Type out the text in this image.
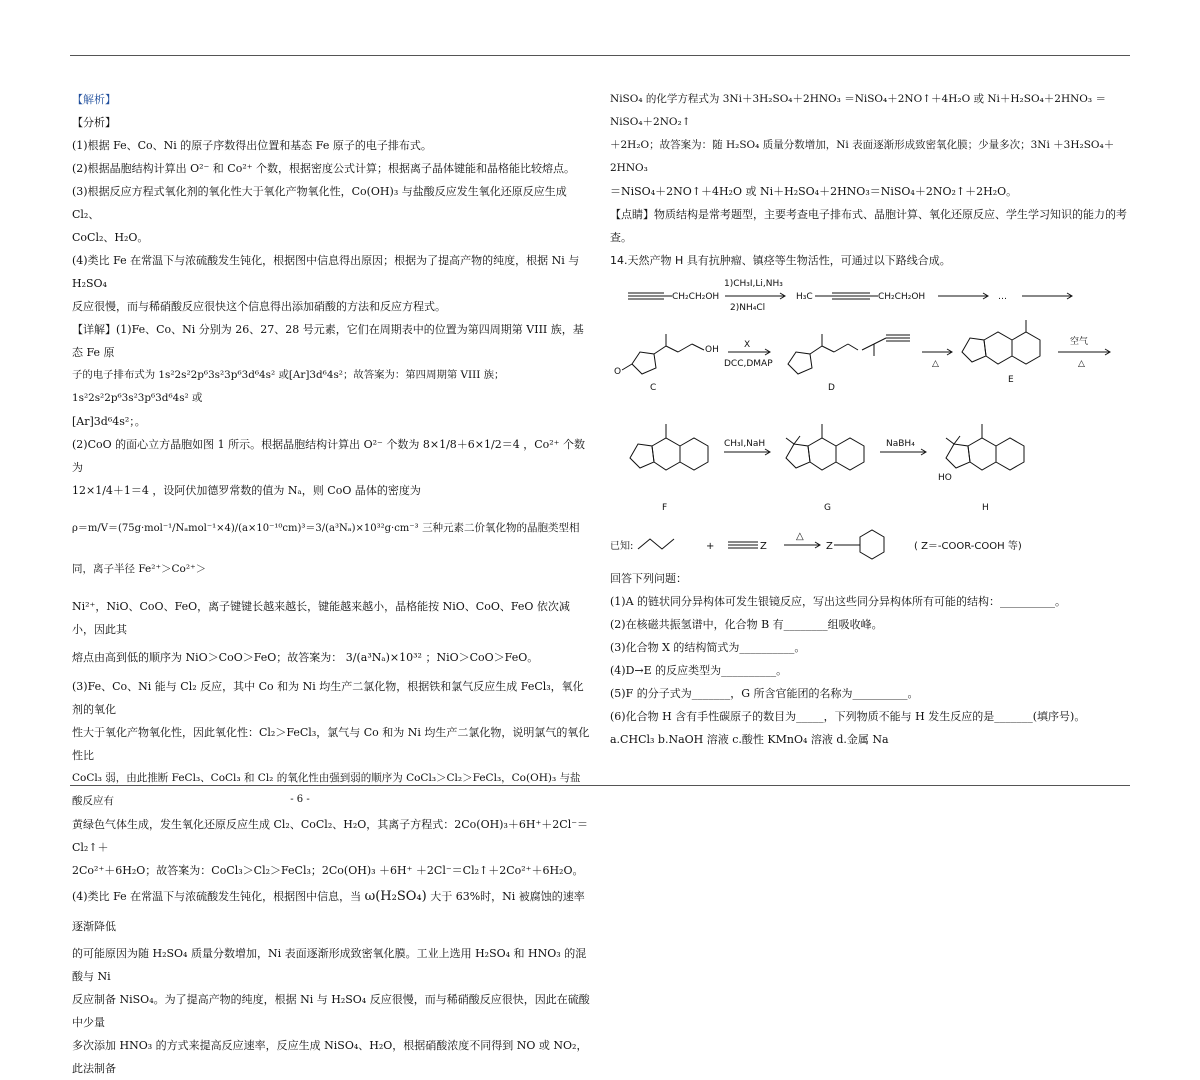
【解析】

【分析】

(1)根据 Fe、Co、Ni 的原子序数得出位置和基态 Fe 原子的电子排布式。

(2)根据晶胞结构计算出 O²⁻ 和 Co²⁺ 个数，根据密度公式计算；根据离子晶体键能和晶格能比较熔点。

(3)根据反应方程式氧化剂的氧化性大于氧化产物氧化性，Co(OH)₃ 与盐酸反应发生氧化还原反应生成 Cl₂、

CoCl₂、H₂O。

(4)类比 Fe 在常温下与浓硫酸发生钝化，根据图中信息得出原因；根据为了提高产物的纯度，根据 Ni 与 H₂SO₄

反应很慢，而与稀硝酸反应很快这个信息得出添加硝酸的方法和反应方程式。

【详解】(1)Fe、Co、Ni 分别为 26、27、28 号元素，它们在周期表中的位置为第四周期第 VIII 族，基态 Fe 原

子的电子排布式为 1s²2s²2p⁶3s²3p⁶3d⁶4s² 或[Ar]3d⁶4s²；故答案为：第四周期第 VIII 族；1s²2s²2p⁶3s²3p⁶3d⁶4s² 或

[Ar]3d⁶4s²；。

(2)CoO 的面心立方晶胞如图 1 所示。根据晶胞结构计算出 O²⁻ 个数为 8×1/8＋6×1/2＝4 ，Co²⁺ 个数为

12×1/4＋1＝4 ，设阿伏加德罗常数的值为 Nₐ，则 CoO 晶体的密度为

ρ＝m/V＝(75g·mol⁻¹/Nₐmol⁻¹×4)/(a×10⁻¹⁰cm)³＝3/(a³Nₐ)×10³²g·cm⁻³ 三种元素二价氧化物的晶胞类型相同，离子半径 Fe²⁺＞Co²⁺＞

Ni²⁺，NiO、CoO、FeO，离子键键长越来越长，键能越来越小，晶格能按 NiO、CoO、FeO 依次减小，因此其

熔点由高到低的顺序为 NiO＞CoO＞FeO；故答案为： 3/(a³Nₐ)×10³² ；NiO＞CoO＞FeO。

(3)Fe、Co、Ni 能与 Cl₂ 反应，其中 Co 和为 Ni 均生产二氯化物，根据铁和氯气反应生成 FeCl₃，氧化剂的氧化

性大于氧化产物氧化性，因此氧化性：Cl₂＞FeCl₃，氯气与 Co 和为 Ni 均生产二氯化物，说明氯气的氧化性比

CoCl₃ 弱，由此推断 FeCl₃、CoCl₃ 和 Cl₂ 的氧化性由强到弱的顺序为 CoCl₃＞Cl₂＞FeCl₃，Co(OH)₃ 与盐酸反应有

黄绿色气体生成，发生氧化还原反应生成 Cl₂、CoCl₂、H₂O，其离子方程式：2Co(OH)₃＋6H⁺＋2Cl⁻＝Cl₂↑＋

2Co²⁺＋6H₂O；故答案为：CoCl₃＞Cl₂＞FeCl₃；2Co(OH)₃ ＋6H⁺ ＋2Cl⁻＝Cl₂↑＋2Co²⁺＋6H₂O。

(4)类比 Fe 在常温下与浓硫酸发生钝化，根据图中信息，当 ω(H₂SO₄) 大于 63%时，Ni 被腐蚀的速率逐渐降低

的可能原因为随 H₂SO₄ 质量分数增加，Ni 表面逐渐形成致密氧化膜。工业上选用 H₂SO₄ 和 HNO₃ 的混酸与 Ni

反应制备 NiSO₄。为了提高产物的纯度，根据 Ni 与 H₂SO₄ 反应很慢，而与稀硝酸反应很快，因此在硫酸中少量

多次添加 HNO₃ 的方式来提高反应速率，反应生成 NiSO₄、H₂O，根据硝酸浓度不同得到 NO 或 NO₂，此法制备

NiSO₄ 的化学方程式为 3Ni＋3H₂SO₄＋2HNO₃ ＝NiSO₄＋2NO↑＋4H₂O 或 Ni＋H₂SO₄＋2HNO₃ ＝NiSO₄＋2NO₂↑

＋2H₂O；故答案为：随 H₂SO₄ 质量分数增加，Ni 表面逐渐形成致密氧化膜；少量多次；3Ni ＋3H₂SO₄＋2HNO₃

＝NiSO₄＋2NO↑＋4H₂O 或 Ni＋H₂SO₄＋2HNO₃＝NiSO₄＋2NO₂↑＋2H₂O。

【点睛】物质结构是常考题型，主要考查电子排布式、晶胞计算、氧化还原反应、学生学习知识的能力的考

查。

14.天然产物 H 具有抗肿瘤、镇痉等生物活性，可通过以下路线合成。

CH₂CH₂OH
1)CH₃I,Li,NH₃
2)NH₄Cl
H₃C	CH₂CH₂OH	…
O
OH	X
DCC,DMAP	△
空气
△
CH₃I,NaH	NaBH₄
HO
C	D
E
F	G	H
已知:	+	Z
△
Z	( Z＝-COOR-COOH 等)

回答下列问题：

(1)A 的链状同分异构体可发生银镜反应，写出这些同分异构体所有可能的结构：__________。

(2)在核磁共振氢谱中，化合物 B 有________组吸收峰。

(3)化合物 X 的结构简式为__________。

(4)D→E 的反应类型为__________。

(5)F 的分子式为_______，G 所含官能团的名称为__________。

(6)化合物 H 含有手性碳原子的数目为_____，下列物质不能与 H 发生反应的是_______(填序号)。

a.CHCl₃ b.NaOH 溶液 c.酸性 KMnO₄ 溶液 d.金属 Na

- 6 -
